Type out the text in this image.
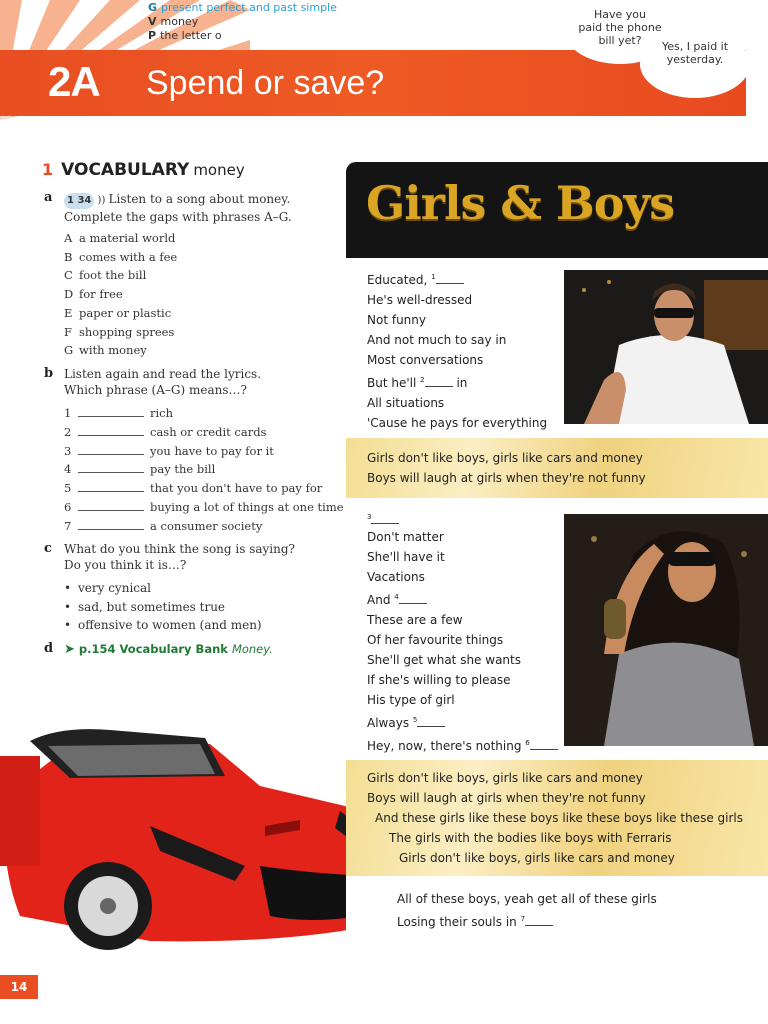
G present perfect and past simple
V money
P the letter o
2A Spend or save?
Have you
paid the phone
bill yet?	Yes, I paid it
yesterday.
1 VOCABULARY money
a	1 34 )) Listen to a song about money.
Complete the gaps with phrases A–G.
A a material world
B comes with a fee
C foot the bill
D for free
E paper or plastic
F shopping sprees
G with money
b Listen again and read the lyrics.
Which phrase (A–G) means…?
1	rich
2	cash or credit cards
3	you have to pay for it
4	pay the bill
5	that you don't have to pay for
6	buying a lot of things at one time
7	a consumer society
c What do you think the song is saying?
Do you think it is…?
• very cynical
• sad, but sometimes true
• offensive to women (and men)
d ➤ p.154 Vocabulary Bank Money.
14
Girls & Boys
Educated, $^1$
He's well-dressed
Not funny
And not much to say in
Most conversations
But he'll $^2$	in
All situations
'Cause he pays for everything
Girls don't like boys, girls like cars and money
Boys will laugh at girls when they're not funny
$^3$
Don't matter
She'll have it
Vacations
And $^4$
These are a few
Of her favourite things
She'll get what she wants
If she's willing to please
His type of girl
Always $^5$
Hey, now, there's nothing $^6$
Girls don't like boys, girls like cars and money
Boys will laugh at girls when they're not funny
And these girls like these boys like these boys like these girls
The girls with the bodies like boys with Ferraris
Girls don't like boys, girls like cars and money
All of these boys, yeah get all of these girls
Losing their souls in $^7$
